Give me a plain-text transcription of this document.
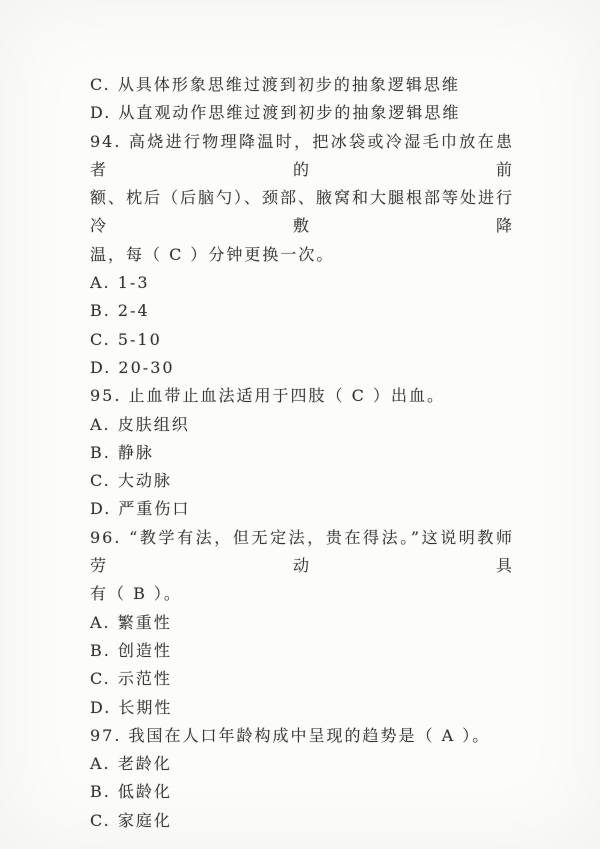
C. 从具体形象思维过渡到初步的抽象逻辑思维
D. 从直观动作思维过渡到初步的抽象逻辑思维
94. 高烧进行物理降温时，把冰袋或冷湿毛巾放在患者的前
额、枕后（后脑勺）、颈部、腋窝和大腿根部等处进行冷敷降
温，每（ C ）分钟更换一次。
A. 1-3
B. 2-4
C. 5-10
D. 20-30
95. 止血带止血法适用于四肢（ C ）出血。
A. 皮肤组织
B. 静脉
C. 大动脉
D. 严重伤口
96. “教学有法，但无定法，贵在得法。”这说明教师劳动具
有（ B ）。
A. 繁重性
B. 创造性
C. 示范性
D. 长期性
97. 我国在人口年龄构成中呈现的趋势是（ A ）。
A. 老龄化
B. 低龄化
C. 家庭化
